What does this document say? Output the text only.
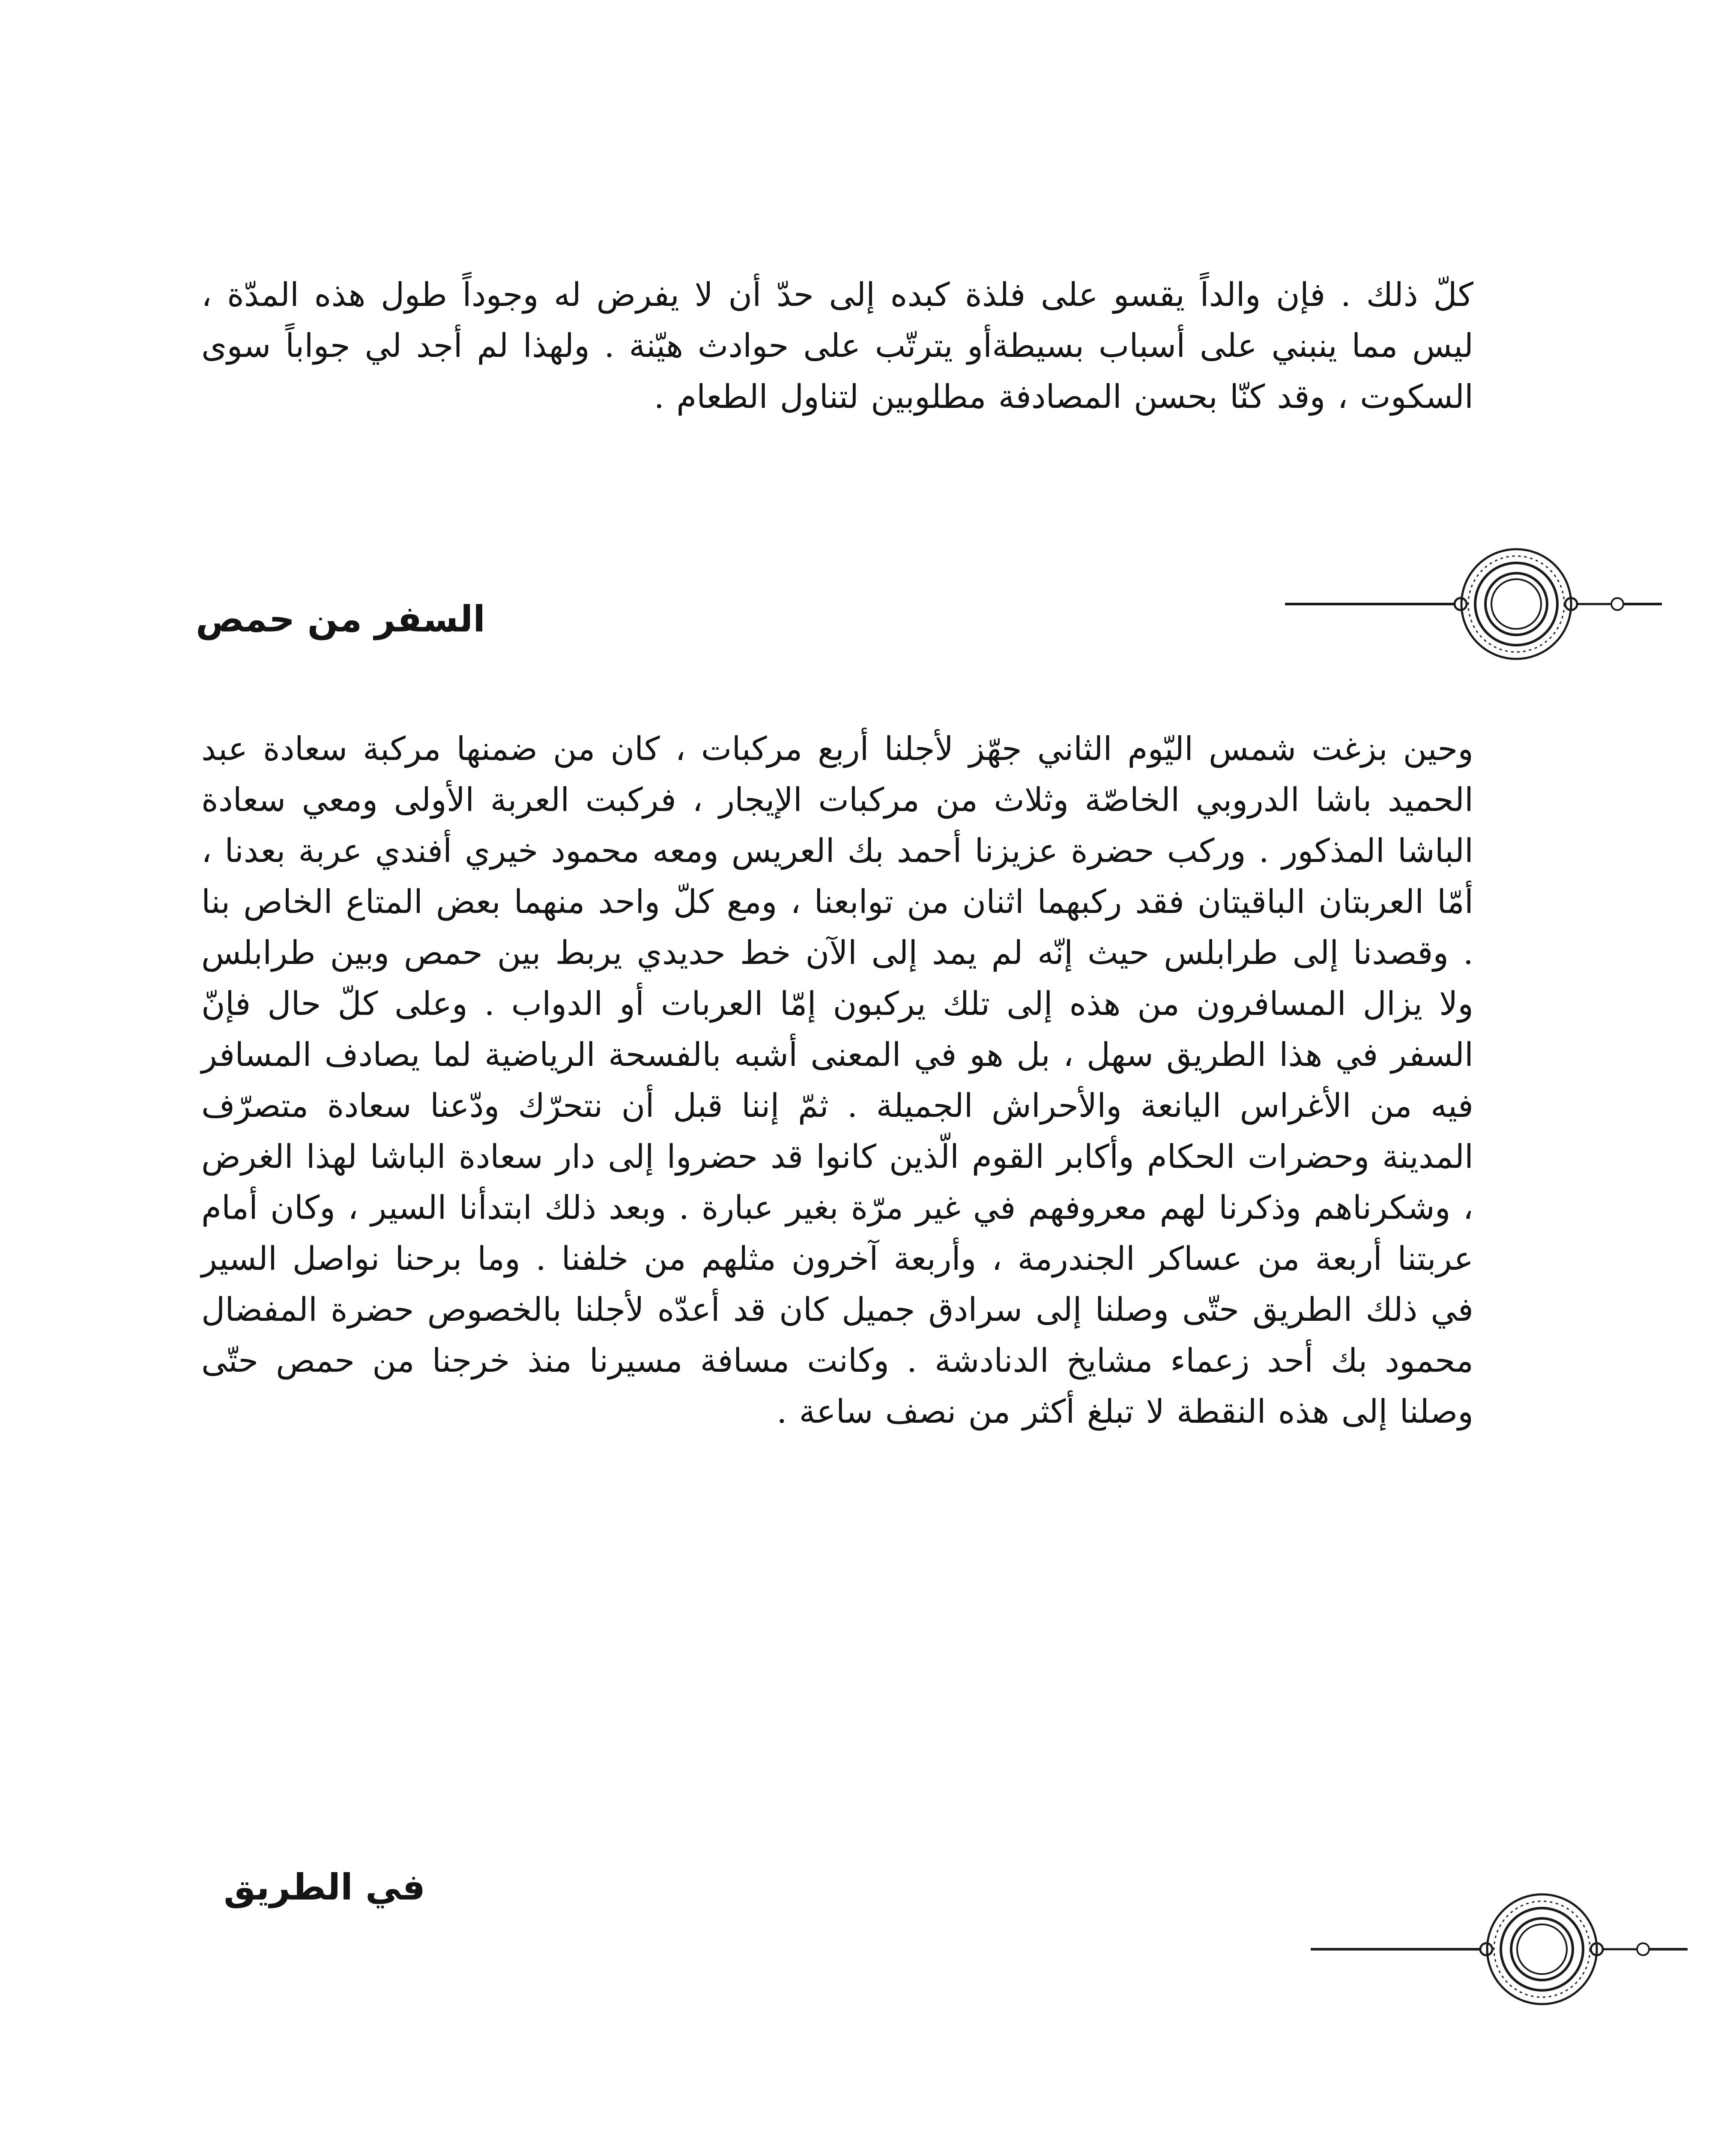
كلّ ذلك . فإن والداً يقسو على فلذة كبده إلى حدّ أن لا يفرض له وجوداً طول هذه المدّة ، ليس مما ينبني على أسباب بسيطةأو يترتّب على حوادث هيّنة . ولهذا لم أجد لي جواباً سوى السكوت ، وقد كنّا بحسن المصادفة مطلوبين لتناول الطعام .

السفر من حمص

وحين بزغت شمس اليّوم الثاني جهّز لأجلنا أربع مركبات ، كان من ضمنها مركبة سعادة عبد الحميد باشا الدروبي الخاصّة وثلاث من مركبات الإيجار ، فركبت العربة الأولى ومعي سعادة الباشا المذكور . وركب حضرة عزيزنا أحمد بك العريس ومعه محمود خيري أفندي عربة بعدنا ، أمّا العربتان الباقيتان فقد ركبهما اثنان من توابعنا ، ومع كلّ واحد منهما بعض المتاع الخاص بنا . وقصدنا إلى طرابلس حيث إنّه لم يمد إلى الآن خط حديدي يربط بين حمص وبين طرابلس ولا يزال المسافرون من هذه إلى تلك يركبون إمّا العربات أو الدواب . وعلى كلّ حال فإنّ السفر في هذا الطريق سهل ، بل هو في المعنى أشبه بالفسحة الرياضية لما يصادف المسافر فيه من الأغراس اليانعة والأحراش الجميلة . ثمّ إننا قبل أن نتحرّك ودّعنا سعادة متصرّف المدينة وحضرات الحكام وأكابر القوم الّذين كانوا قد حضروا إلى دار سعادة الباشا لهذا الغرض ، وشكرناهم وذكرنا لهم معروفهم في غير مرّة بغير عبارة . وبعد ذلك ابتدأنا السير ، وكان أمام عربتنا أربعة من عساكر الجندرمة ، وأربعة آخرون مثلهم من خلفنا . وما برحنا نواصل السير في ذلك الطريق حتّى وصلنا إلى سرادق جميل كان قد أعدّه لأجلنا بالخصوص حضرة المفضال محمود بك أحد زعماء مشايخ الدنادشة . وكانت مسافة مسيرنا منذ خرجنا من حمص حتّى وصلنا إلى هذه النقطة لا تبلغ أكثر من نصف ساعة .

في الطريق
